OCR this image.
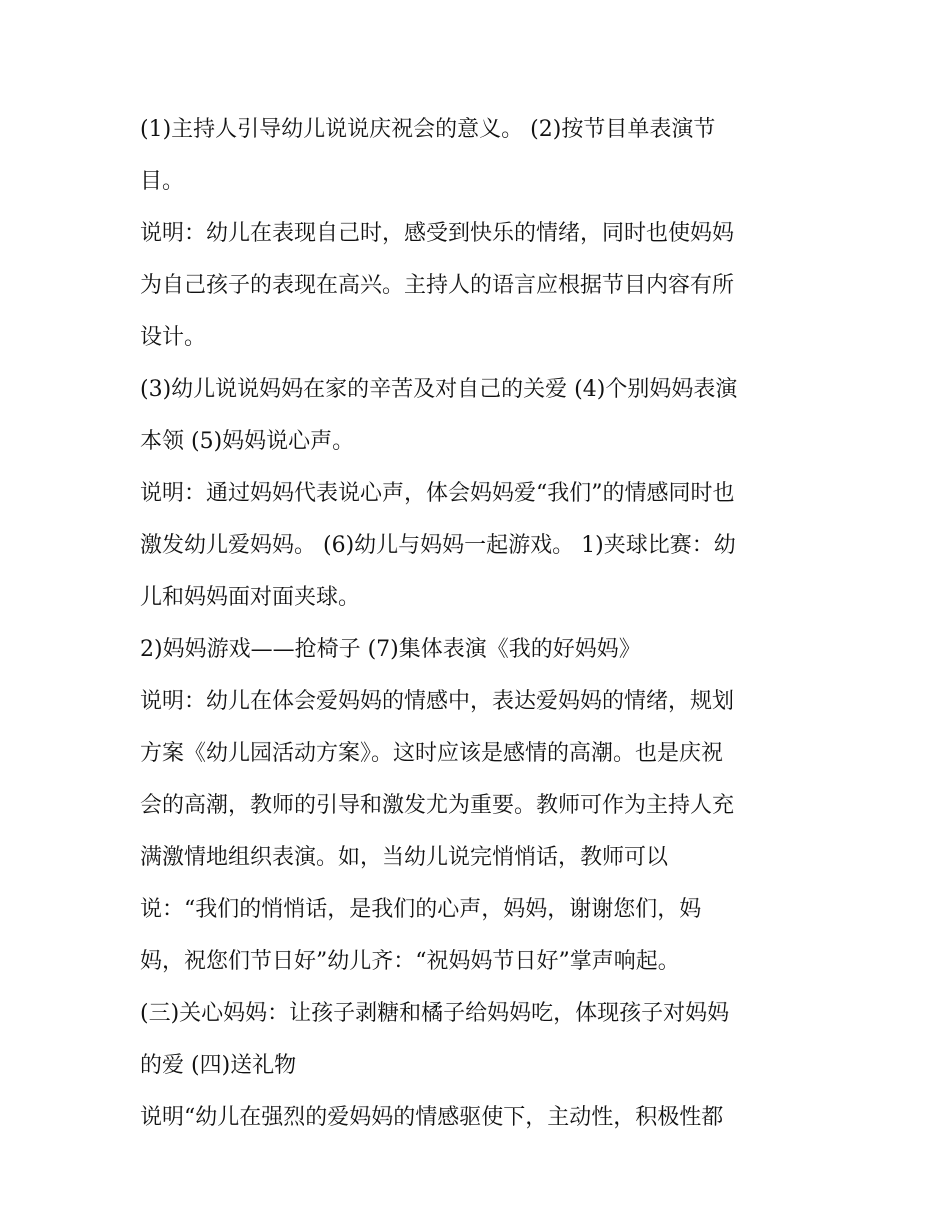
(1)主持人引导幼儿说说庆祝会的意义。 (2)按节目单表演节
目。
说明：幼儿在表现自己时，感受到快乐的情绪，同时也使妈妈
为自己孩子的表现在高兴。主持人的语言应根据节目内容有所
设计。
(3)幼儿说说妈妈在家的辛苦及对自己的关爱 (4)个别妈妈表演
本领 (5)妈妈说心声。
说明：通过妈妈代表说心声，体会妈妈爱“我们”的情感同时也
激发幼儿爱妈妈。 (6)幼儿与妈妈一起游戏。 1)夹球比赛：幼
儿和妈妈面对面夹球。
2)妈妈游戏——抢椅子 (7)集体表演《我的好妈妈》
说明：幼儿在体会爱妈妈的情感中，表达爱妈妈的情绪，规划
方案《幼儿园活动方案》。这时应该是感情的高潮。也是庆祝
会的高潮，教师的引导和激发尤为重要。教师可作为主持人充
满激情地组织表演。如，当幼儿说完悄悄话，教师可以
说：“我们的悄悄话，是我们的心声，妈妈，谢谢您们，妈
妈，祝您们节日好”幼儿齐：“祝妈妈节日好”掌声响起。
(三)关心妈妈：让孩子剥糖和橘子给妈妈吃，体现孩子对妈妈
的爱 (四)送礼物
说明“幼儿在强烈的爱妈妈的情感驱使下，主动性，积极性都
